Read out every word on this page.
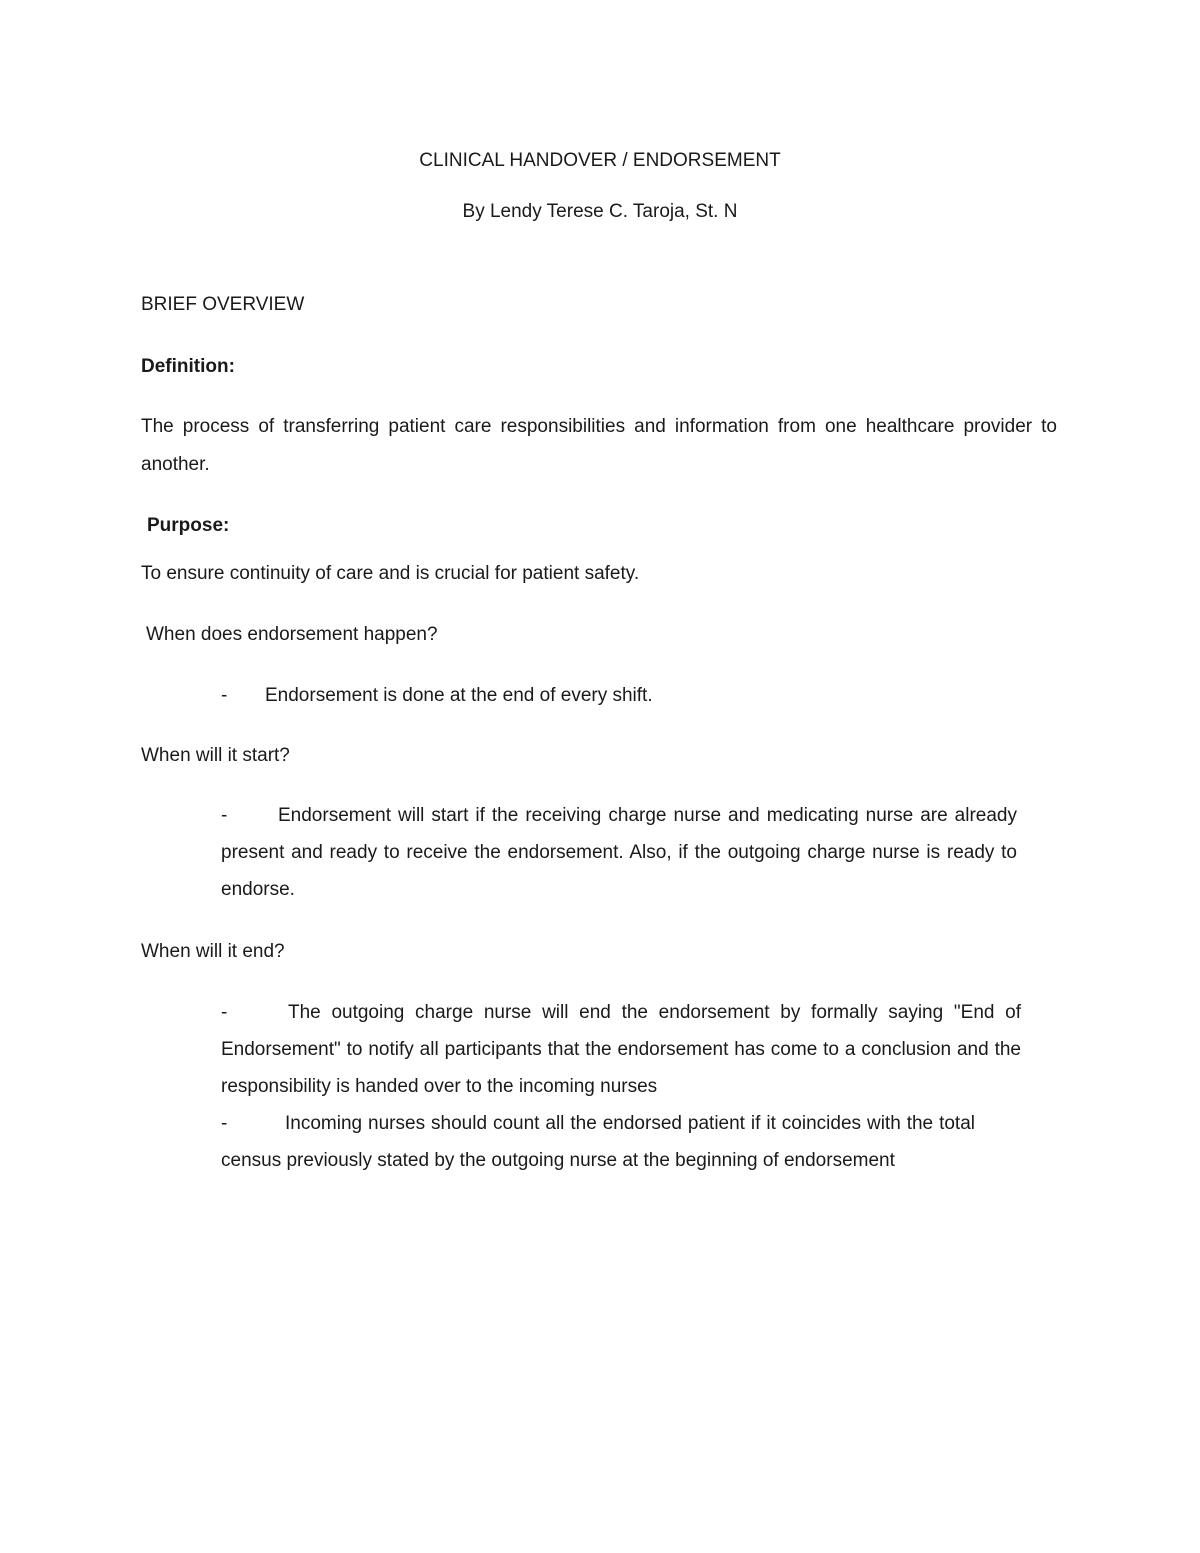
CLINICAL HANDOVER / ENDORSEMENT

By Lendy Terese C. Taroja, St. N

BRIEF OVERVIEW

Definition:

The process of transferring patient care responsibilities and information from one healthcare provider to another.

Purpose:

To ensure continuity of care and is crucial for patient safety.

When does endorsement happen?

-	Endorsement is done at the end of every shift.

When will it start?

-	Endorsement will start if the receiving charge nurse and medicating nurse are already present and ready to receive the endorsement. Also, if the outgoing charge nurse is ready to endorse.

When will it end?

-	The outgoing charge nurse will end the endorsement by formally saying "End of Endorsement" to notify all participants that the endorsement has come to a conclusion and the responsibility is handed over to the incoming nurses
-	Incoming nurses should count all the endorsed patient if it coincides with the total census previously stated by the outgoing nurse at the beginning of endorsement
